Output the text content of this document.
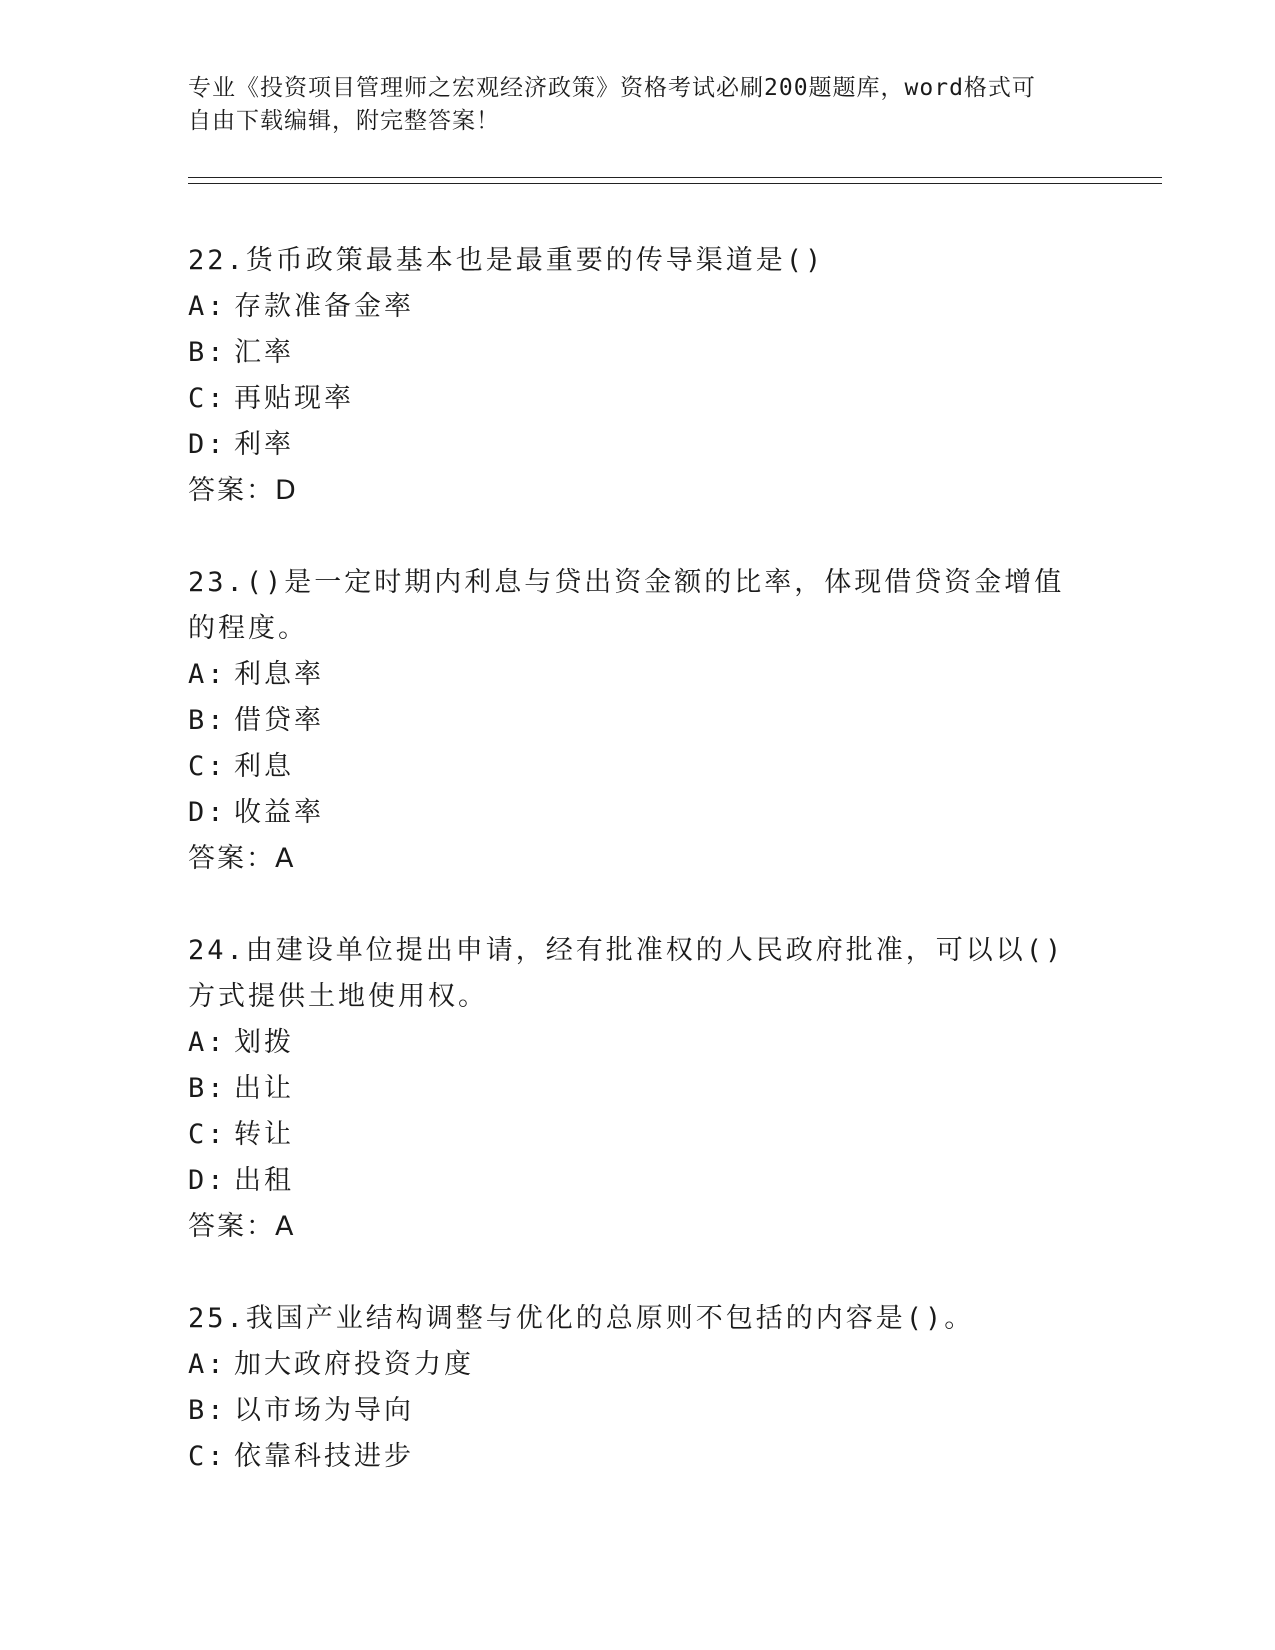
专业《投资项目管理师之宏观经济政策》资格考试必刷200题题库，word格式可
自由下载编辑，附完整答案！

22.货币政策最基本也是最重要的传导渠道是()

A: 存款准备金率
B: 汇率
C: 再贴现率
D: 利率
答案：D

23.()是一定时期内利息与贷出资金额的比率，体现借贷资金增值的程度。

A: 利息率
B: 借贷率
C: 利息
D: 收益率
答案：A

24.由建设单位提出申请，经有批准权的人民政府批准，可以以()方式提供土地使用权。

A: 划拨
B: 出让
C: 转让
D: 出租
答案：A

25.我国产业结构调整与优化的总原则不包括的内容是()。

A: 加大政府投资力度
B: 以市场为导向
C: 依靠科技进步
